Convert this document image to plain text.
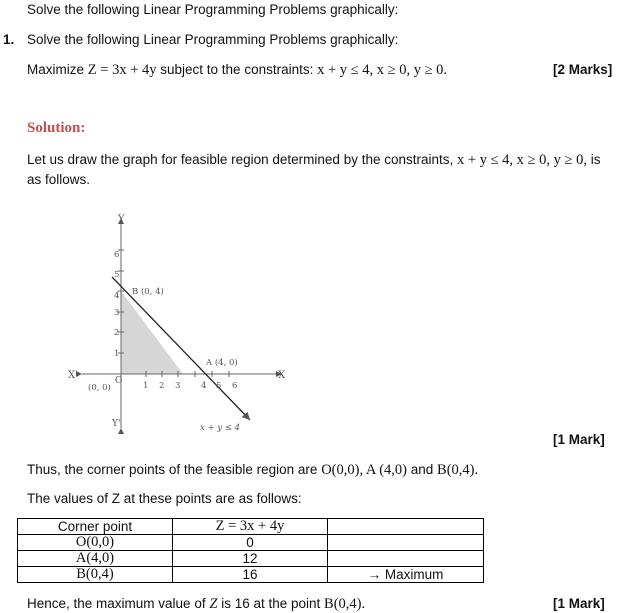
Solve the following Linear Programming Problems graphically:
1. Solve the following Linear Programming Problems graphically:
Maximize Z = 3x + 4y subject to the constraints: x + y ≤ 4, x ≥ 0, y ≥ 0.	[2 Marks]
Solution:
Let us draw the graph for feasible region determined by the constraints, x + y ≤ 4, x ≥ 0, y ≥ 0, is
as follows.
1
2
3
4
5
6
1 2 3 4 5 6
X
X'
Y
Y'
O
(0, 0)
B (0, 4)
A (4, 0)
x + y ≤ 4
[1 Mark]
Thus, the corner points of the feasible region are O(0,0), A (4,0) and B(0,4).
The values of Z at these points are as follows:
Corner point	Z = 3x + 4y	
O(0,0)	0	
A(4,0)	12	
B(0,4)	16	→ Maximum
Hence, the maximum value of Z is 16 at the point B(0,4).	[1 Mark]
